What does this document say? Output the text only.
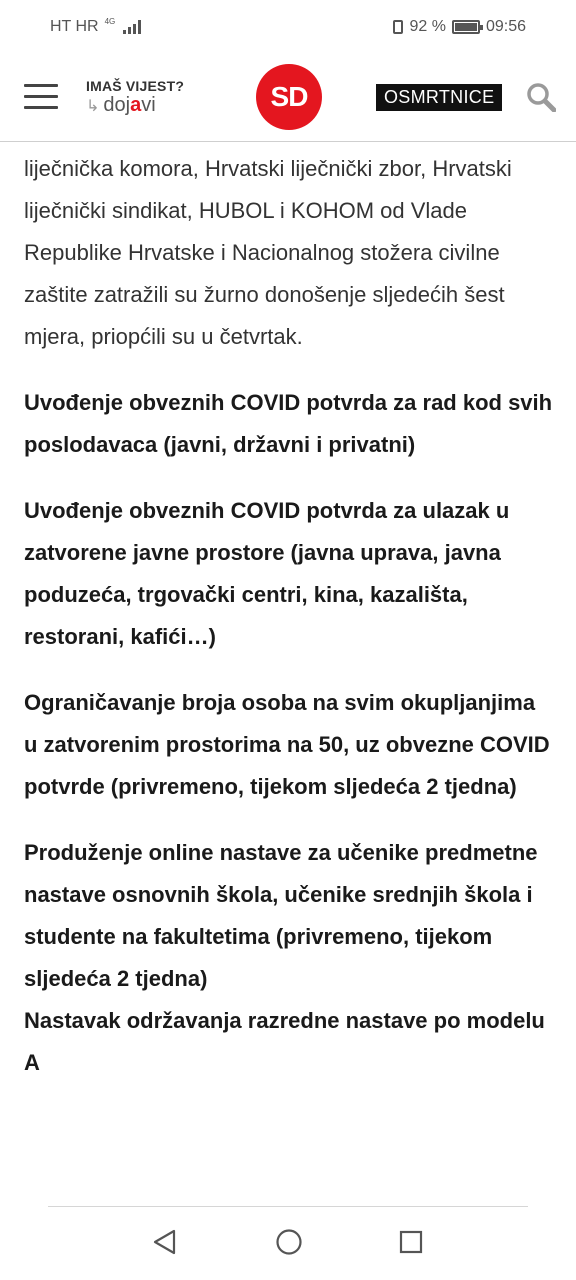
HT HR 4G	92 %	09:56
IMAŠ VIJEST?
↳ dojavi	SD	OSMRTNICE

liječnička komora, Hrvatski liječnički zbor, Hrvatski liječnički sindikat, HUBOL i KOHOM od Vlade Republike Hrvatske i Nacionalnog stožera civilne zaštite zatražili su žurno donošenje sljedećih šest mjera, priopćili su u četvrtak.

Uvođenje obveznih COVID potvrda za rad kod svih poslodavaca (javni, državni i privatni)

Uvođenje obveznih COVID potvrda za ulazak u zatvorene javne prostore (javna uprava, javna poduzeća, trgovački centri, kina, kazališta, restorani, kafići…)

Ograničavanje broja osoba na svim okupljanjima u zatvorenim prostorima na 50, uz obvezne COVID potvrde (privremeno, tijekom sljedeća 2 tjedna)

Produženje online nastave za učenike predmetne nastave osnovnih škola, učenike srednjih škola i studente na fakultetima (privremeno, tijekom sljedeća 2 tjedna)

Nastavak održavanja razredne nastave po modelu A
